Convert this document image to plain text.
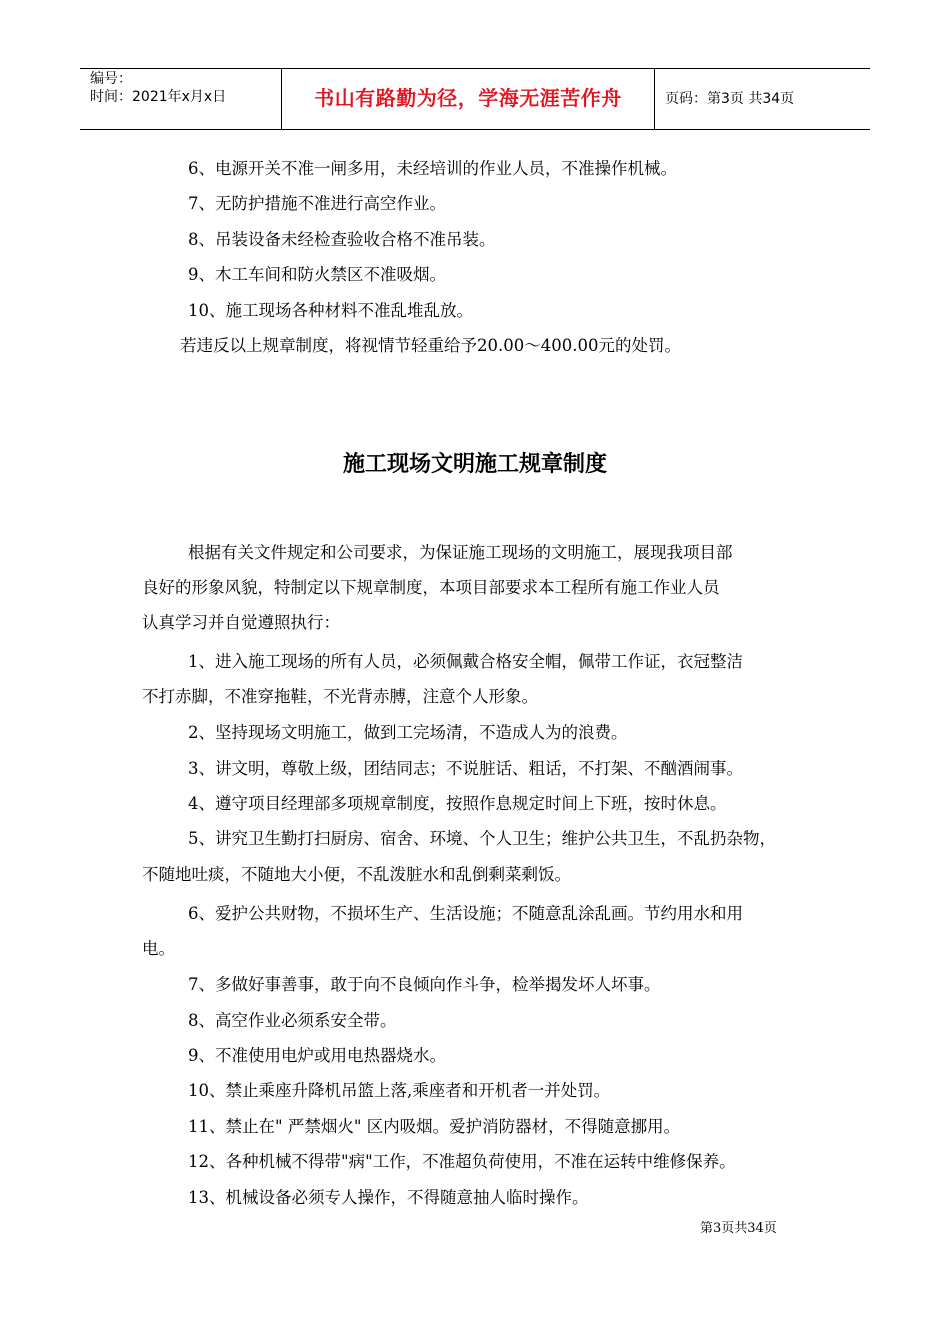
编号：
时间：2021年x月x日	书山有路勤为径，学海无涯苦作舟	页码：第3页 共34页
6、电源开关不准一闸多用，未经培训的作业人员，不准操作机械。
7、无防护措施不准进行高空作业。
8、吊装设备未经检查验收合格不准吊装。
9、木工车间和防火禁区不准吸烟。
10、施工现场各种材料不准乱堆乱放。
若违反以上规章制度，将视情节轻重给予20.00～400.00元的处罚。
施工现场文明施工规章制度
根据有关文件规定和公司要求，为保证施工现场的文明施工，展现我项目部
良好的形象风貌，特制定以下规章制度，本项目部要求本工程所有施工作业人员
认真学习并自觉遵照执行：
1、进入施工现场的所有人员，必须佩戴合格安全帽，佩带工作证，衣冠整洁
不打赤脚，不准穿拖鞋，不光背赤膊，注意个人形象。
2、坚持现场文明施工，做到工完场清，不造成人为的浪费。
3、讲文明，尊敬上级，团结同志；不说脏话、粗话，不打架、不酗酒闹事。
4、遵守项目经理部多项规章制度，按照作息规定时间上下班，按时休息。
5、讲究卫生勤打扫厨房、宿舍、环境、个人卫生；维护公共卫生，不乱扔杂物，
不随地吐痰，不随地大小便，不乱泼脏水和乱倒剩菜剩饭。
6、爱护公共财物，不损坏生产、生活设施；不随意乱涂乱画。节约用水和用
电。
7、多做好事善事，敢于向不良倾向作斗争，检举揭发坏人坏事。
8、高空作业必须系安全带。
9、不准使用电炉或用电热器烧水。
10、禁止乘座升降机吊篮上落,乘座者和开机者一并处罚。
11、禁止在" 严禁烟火" 区内吸烟。爱护消防器材，不得随意挪用。
12、各种机械不得带"病"工作，不准超负荷使用，不准在运转中维修保养。
13、机械设备必须专人操作，不得随意抽人临时操作。
第3页共34页
